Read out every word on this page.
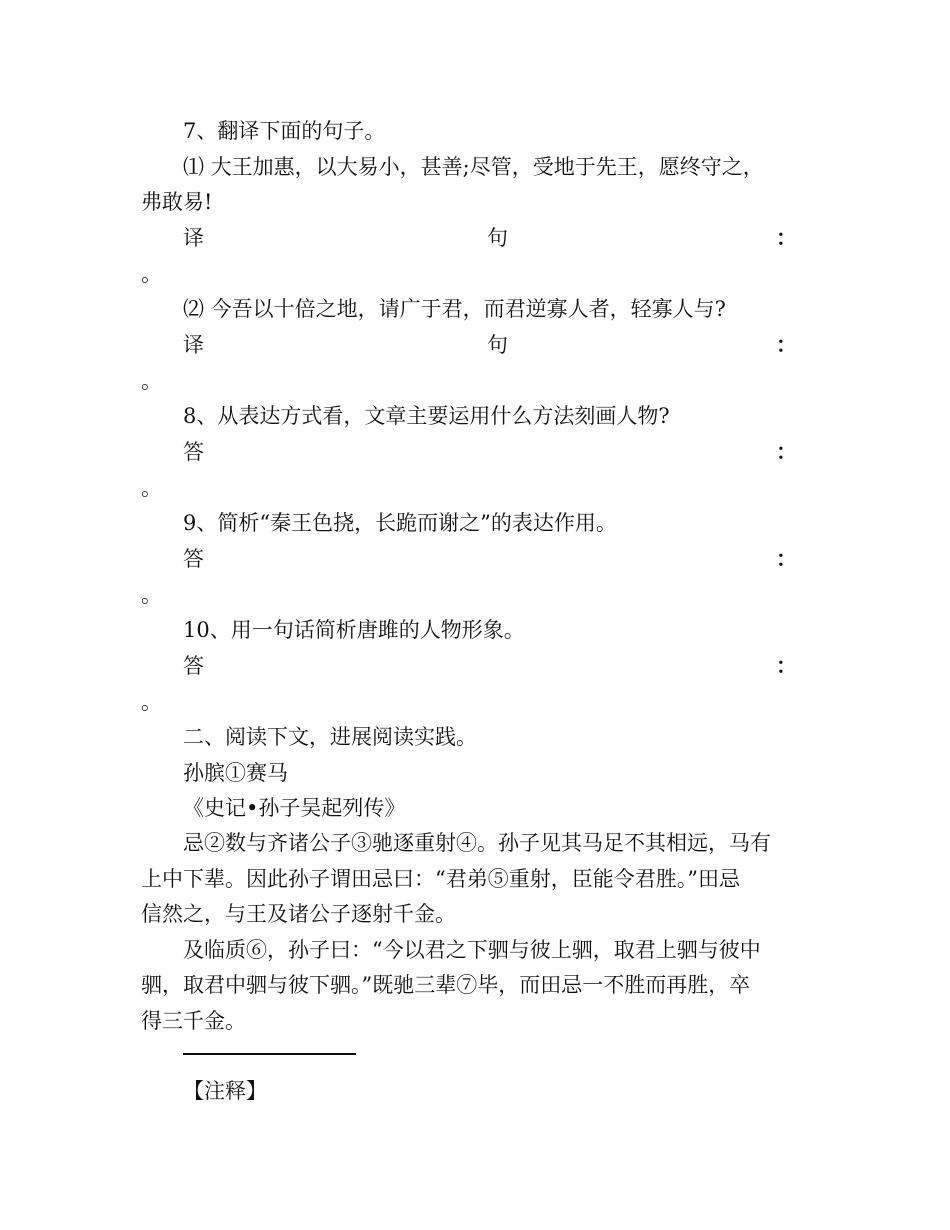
7、翻译下面的句子。
⑴ 大王加惠，以大易小，甚善;尽管，受地于先王，愿终守之，
弗敢易!
译	句	：
。
⑵ 今吾以十倍之地，请广于君，而君逆寡人者，轻寡人与?
译	句	：
。
8、从表达方式看，文章主要运用什么方法刻画人物?
答	：
。
9、简析“秦王色挠，长跪而谢之”的表达作用。
答	：
。
10、用一句话简析唐雎的人物形象。
答	：
。
二、阅读下文，进展阅读实践。
孙膑①赛马
《史记•孙子吴起列传》
忌②数与齐诸公子③驰逐重射④。孙子见其马足不其相远，马有
上中下辈。因此孙子谓田忌曰：“君弟⑤重射，臣能令君胜。”田忌
信然之，与王及诸公子逐射千金。
及临质⑥，孙子曰：“今以君之下驷与彼上驷，取君上驷与彼中
驷，取君中驷与彼下驷。”既驰三辈⑦毕，而田忌一不胜而再胜，卒
得三千金。
【注释】
